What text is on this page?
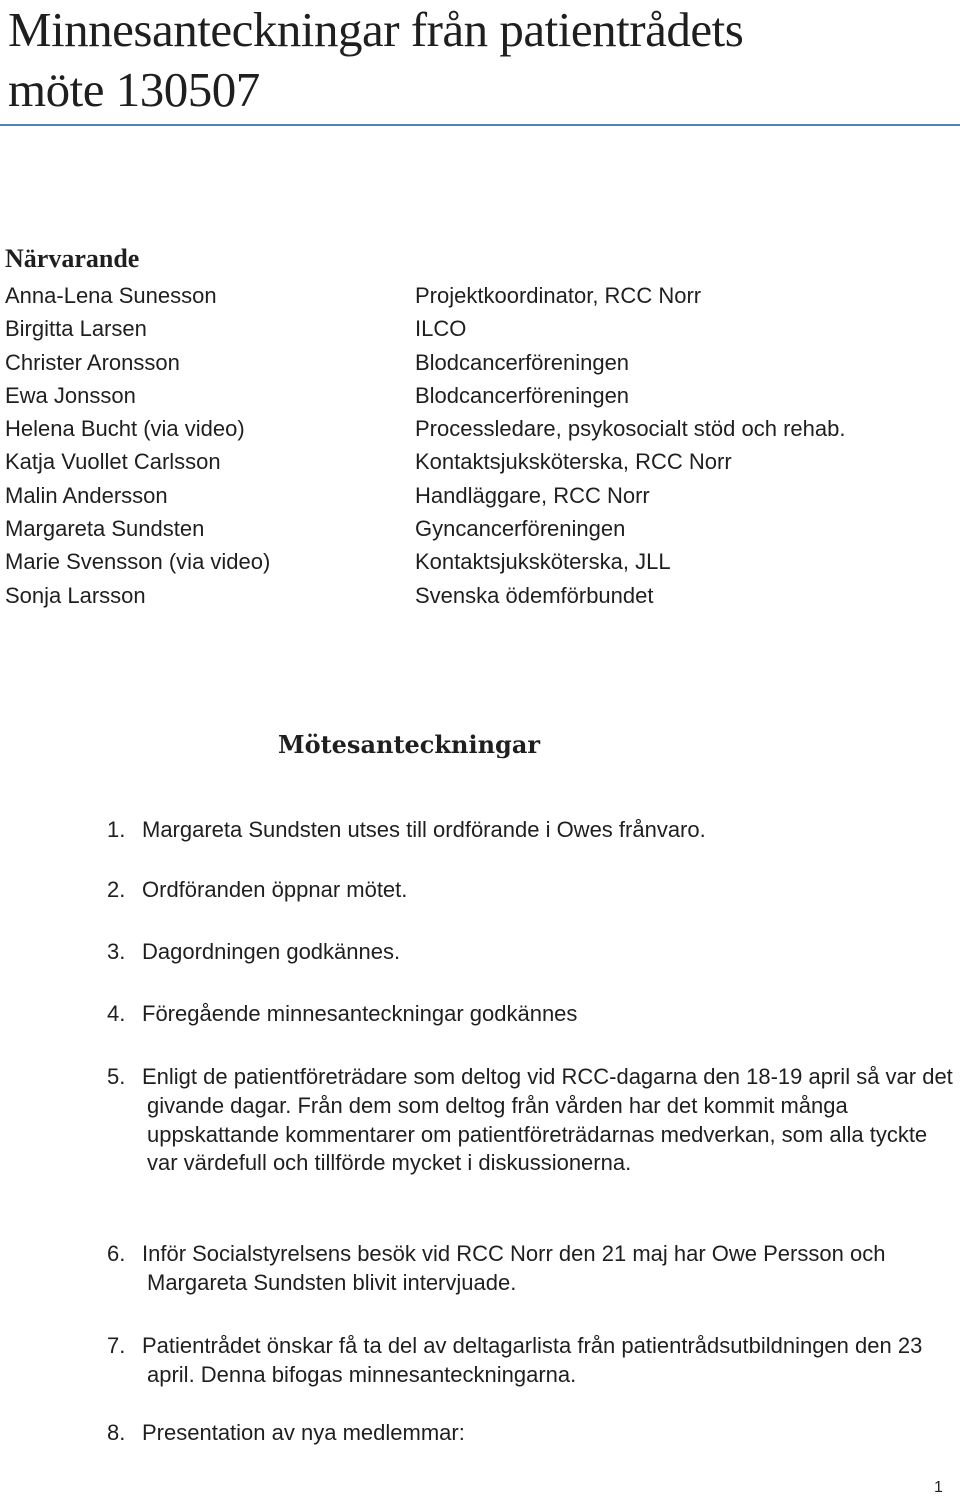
Minnesanteckningar från patientrådets
möte 130507
Närvarande
Anna-Lena Sunesson	Projektkoordinator, RCC Norr
Birgitta Larsen	ILCO
Christer Aronsson	Blodcancerföreningen
Ewa Jonsson	Blodcancerföreningen
Helena Bucht (via video)	Processledare, psykosocialt stöd och rehab.
Katja Vuollet Carlsson	Kontaktsjuksköterska, RCC Norr
Malin Andersson	Handläggare, RCC Norr
Margareta Sundsten	Gyncancerföreningen
Marie Svensson (via video)	Kontaktsjuksköterska, JLL
Sonja Larsson	Svenska ödemförbundet
Mötesanteckningar
1. Margareta Sundsten utses till ordförande i Owes frånvaro.
2. Ordföranden öppnar mötet.
3. Dagordningen godkännes.
4. Föregående minnesanteckningar godkännes
5. Enligt de patientföreträdare som deltog vid RCC-dagarna den 18-19 april så var det givande dagar. Från dem som deltog från vården har det kommit många uppskattande kommentarer om patientföreträdarnas medverkan, som alla tyckte var värdefull och tillförde mycket i diskussionerna.
6. Inför Socialstyrelsens besök vid RCC Norr den 21 maj har Owe Persson och Margareta Sundsten blivit intervjuade.
7. Patientrådet önskar få ta del av deltagarlista från patientrådsutbildningen den 23 april. Denna bifogas minnesanteckningarna.
8. Presentation av nya medlemmar:
1
